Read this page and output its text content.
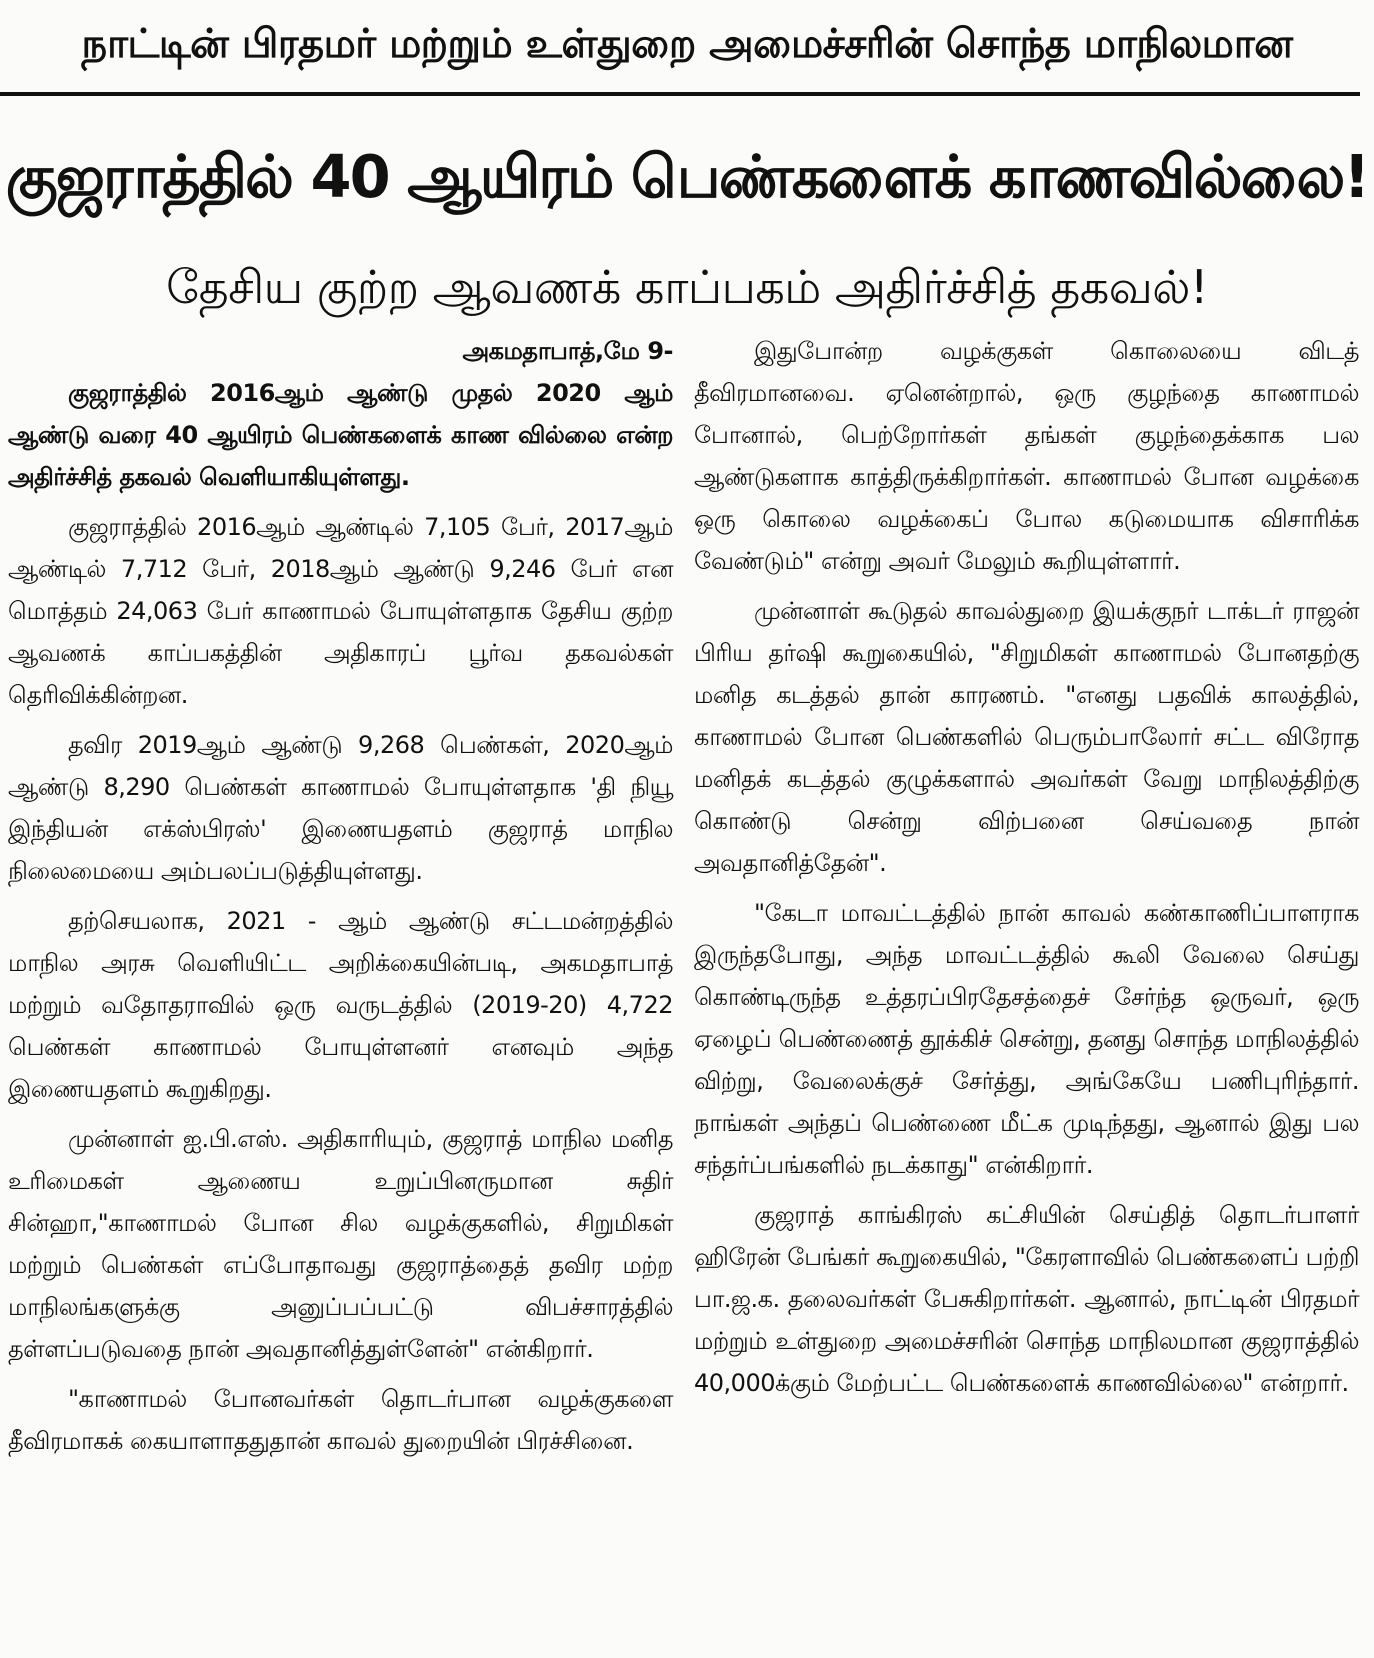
நாட்டின் பிரதமர் மற்றும் உள்துறை அமைச்சரின் சொந்த மாநிலமான
குஜராத்தில் 40 ஆயிரம் பெண்களைக் காணவில்லை!
தேசிய குற்ற ஆவணக் காப்பகம் அதிர்ச்சித் தகவல்!
அகமதாபாத்,மே 9-

குஜராத்தில் 2016ஆம் ஆண்டு முதல் 2020 ஆம் ஆண்டு வரை 40 ஆயிரம் பெண்களைக் காண வில்லை என்ற அதிர்ச்சித் தகவல் வெளியாகியுள்ளது.

குஜராத்தில் 2016ஆம் ஆண்டில் 7,105 பேர், 2017ஆம் ஆண்டில் 7,712 பேர், 2018ஆம் ஆண்டு 9,246 பேர் என மொத்தம் 24,063 பேர் காணாமல் போயுள்ளதாக தேசிய குற்ற ஆவணக் காப்பகத்தின் அதிகாரப் பூர்வ தகவல்கள் தெரிவிக்கின்றன.

தவிர 2019ஆம் ஆண்டு 9,268 பெண்கள், 2020ஆம் ஆண்டு 8,290 பெண்கள் காணாமல் போயுள்ளதாக 'தி நியூ இந்தியன் எக்ஸ்பிரஸ்' இணையதளம் குஜராத் மாநில நிலைமையை அம்பலப்படுத்தியுள்ளது.

தற்செயலாக, 2021 - ஆம் ஆண்டு சட்டமன்றத்தில் மாநில அரசு வெளியிட்ட அறிக்கையின்படி, அகமதாபாத் மற்றும் வதோதராவில் ஒரு வருடத்தில் (2019-20) 4,722 பெண்கள் காணாமல் போயுள்ளனர் எனவும் அந்த இணையதளம் கூறுகிறது.

முன்னாள் ஐ.பி.எஸ். அதிகாரியும், குஜராத் மாநில மனித உரிமைகள் ஆணைய உறுப்பினருமான சுதிர் சின்ஹா,"காணாமல் போன சில வழக்குகளில், சிறுமிகள் மற்றும் பெண்கள் எப்போதாவது குஜராத்தைத் தவிர மற்ற மாநிலங்களுக்கு அனுப்பப்பட்டு விபச்சாரத்தில் தள்ளப்படுவதை நான் அவதானித்துள்ளேன்" என்கிறார்.

"காணாமல் போனவர்கள் தொடர்பான வழக்குகளை தீவிரமாகக் கையாளாததுதான் காவல் துறையின் பிரச்சினை.

இதுபோன்ற வழக்குகள் கொலையை விடத் தீவிரமானவை. ஏனென்றால், ஒரு குழந்தை காணாமல் போனால், பெற்றோர்கள் தங்கள் குழந்தைக்காக பல ஆண்டுகளாக காத்திருக்கிறார்கள். காணாமல் போன வழக்கை ஒரு கொலை வழக்கைப் போல கடுமையாக விசாரிக்க வேண்டும்" என்று அவர் மேலும் கூறியுள்ளார்.

முன்னாள் கூடுதல் காவல்துறை இயக்குநர் டாக்டர் ராஜன் பிரிய தர்ஷி கூறுகையில், "சிறுமிகள் காணாமல் போனதற்கு மனித கடத்தல் தான் காரணம். "எனது பதவிக் காலத்தில், காணாமல் போன பெண்களில் பெரும்பாலோர் சட்ட விரோத மனிதக் கடத்தல் குழுக்களால் அவர்கள் வேறு மாநிலத்திற்கு கொண்டு சென்று விற்பனை செய்வதை நான் அவதானித்தேன்".

"கேடா மாவட்டத்தில் நான் காவல் கண்காணிப்பாளராக இருந்தபோது, அந்த மாவட்டத்தில் கூலி வேலை செய்து கொண்டிருந்த உத்தரப்பிரதேசத்தைச் சேர்ந்த ஒருவர், ஒரு ஏழைப் பெண்ணைத் தூக்கிச் சென்று, தனது சொந்த மாநிலத்தில் விற்று, வேலைக்குச் சேர்த்து, அங்கேயே பணிபுரிந்தார். நாங்கள் அந்தப் பெண்ணை மீட்க முடிந்தது, ஆனால் இது பல சந்தர்ப்பங்களில் நடக்காது" என்கிறார்.

குஜராத் காங்கிரஸ் கட்சியின் செய்தித் தொடர்பாளர் ஹிரேன் பேங்கர் கூறுகையில், "கேரளாவில் பெண்களைப் பற்றி பா.ஜ.க. தலைவர்கள் பேசுகிறார்கள். ஆனால், நாட்டின் பிரதமர் மற்றும் உள்துறை அமைச்சரின் சொந்த மாநிலமான குஜராத்தில் 40,000க்கும் மேற்பட்ட பெண்களைக் காணவில்லை" என்றார்.
